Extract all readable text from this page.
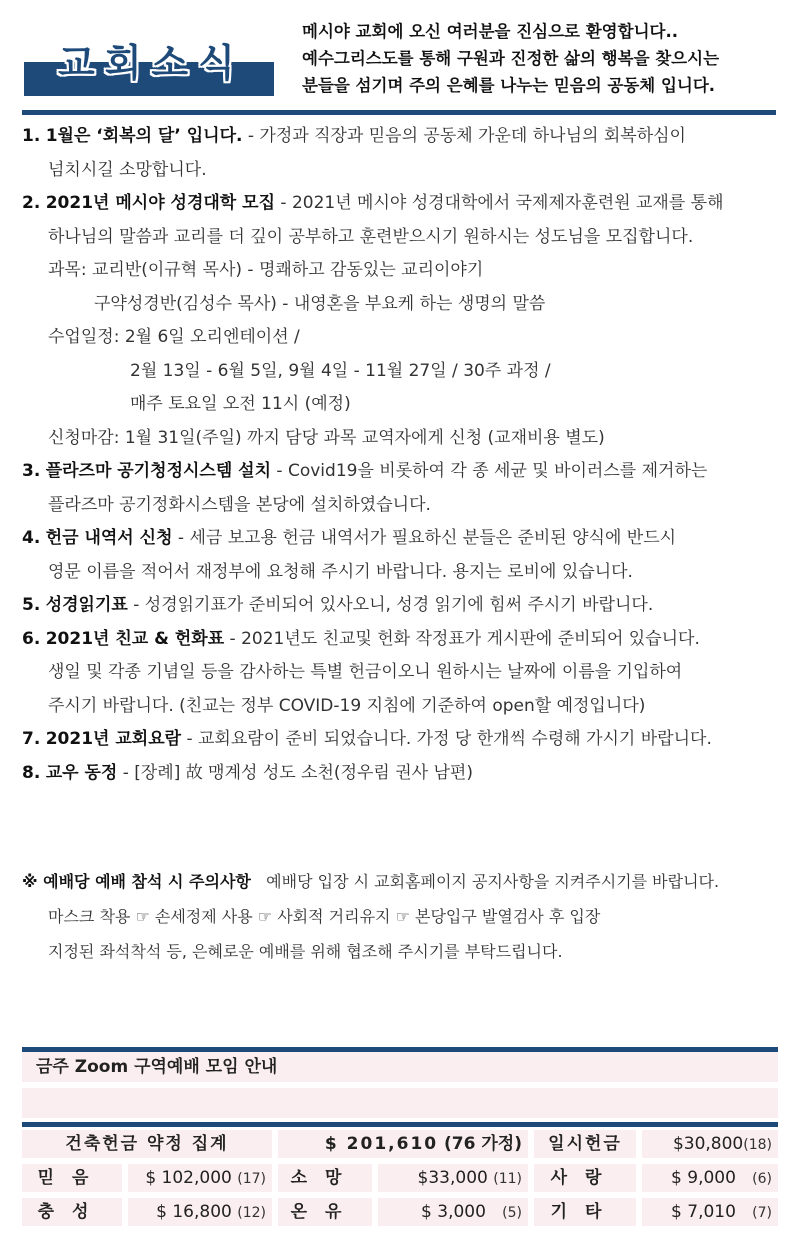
교회소식
메시야 교회에 오신 여러분을 진심으로 환영합니다..
예수그리스도를 통해 구원과 진정한 삶의 행복을 찾으시는
분들을 섬기며 주의 은혜를 나누는 믿음의 공동체 입니다.
1. 1월은 ‘회복의 달’ 입니다. - 가정과 직장과 믿음의 공동체 가운데 하나님의 회복하심이
넘치시길 소망합니다.
2. 2021년 메시야 성경대학 모집 - 2021년 메시야 성경대학에서 국제제자훈련원 교재를 통해
하나님의 말씀과 교리를 더 깊이 공부하고 훈련받으시기 원하시는 성도님을 모집합니다.
과목: 교리반(이규혁 목사) - 명쾌하고 감동있는 교리이야기
구약성경반(김성수 목사) - 내영혼을 부요케 하는 생명의 말씀
수업일정: 2월 6일 오리엔테이션 /
2월 13일 - 6월 5일, 9월 4일 - 11월 27일 / 30주 과정 /
매주 토요일 오전 11시 (예정)
신청마감: 1월 31일(주일) 까지 담당 과목 교역자에게 신청 (교재비용 별도)
3. 플라즈마 공기청정시스템 설치 - Covid19을 비롯하여 각 종 세균 및 바이러스를 제거하는
플라즈마 공기정화시스템을 본당에 설치하였습니다.
4. 헌금 내역서 신청 - 세금 보고용 헌금 내역서가 필요하신 분들은 준비된 양식에 반드시
영문 이름을 적어서 재정부에 요청해 주시기 바랍니다. 용지는 로비에 있습니다.
5. 성경읽기표 - 성경읽기표가 준비되어 있사오니, 성경 읽기에 힘써 주시기 바랍니다.
6. 2021년 친교 & 헌화표 - 2021년도 친교및 헌화 작정표가 게시판에 준비되어 있습니다.
생일 및 각종 기념일 등을 감사하는 특별 헌금이오니 원하시는 날짜에 이름을 기입하여
주시기 바랍니다. (친교는 정부 COVID-19 지침에 기준하여 open할 예정입니다)
7. 2021년 교회요람 - 교회요람이 준비 되었습니다. 가정 당 한개씩 수령해 가시기 바랍니다.
8. 교우 동정 - [장례] 故 맹계성 성도 소천(정우림 권사 남편)
※ 예배당 예배 참석 시 주의사항 예배당 입장 시 교회홈페이지 공지사항을 지켜주시기를 바랍니다.
마스크 착용 ☞ 손세정제 사용 ☞ 사회적 거리유지 ☞ 본당입구 발열검사 후 입장
지정된 좌석착석 등, 은혜로운 예배를 위해 협조해 주시기를 부탁드립니다.
금주 Zoom 구역예배 모임 안내
건축헌금 약정 집계	$ 201,610 (76 가정)	일시헌금	$30,800(18)
믿음	$ 102,000 (17)	소망	$33,000 (11)	사랑	$ 9,000 (6)
충성	$ 16,800 (12)	온유	$ 3,000 (5)	기타	$ 7,010 (7)
